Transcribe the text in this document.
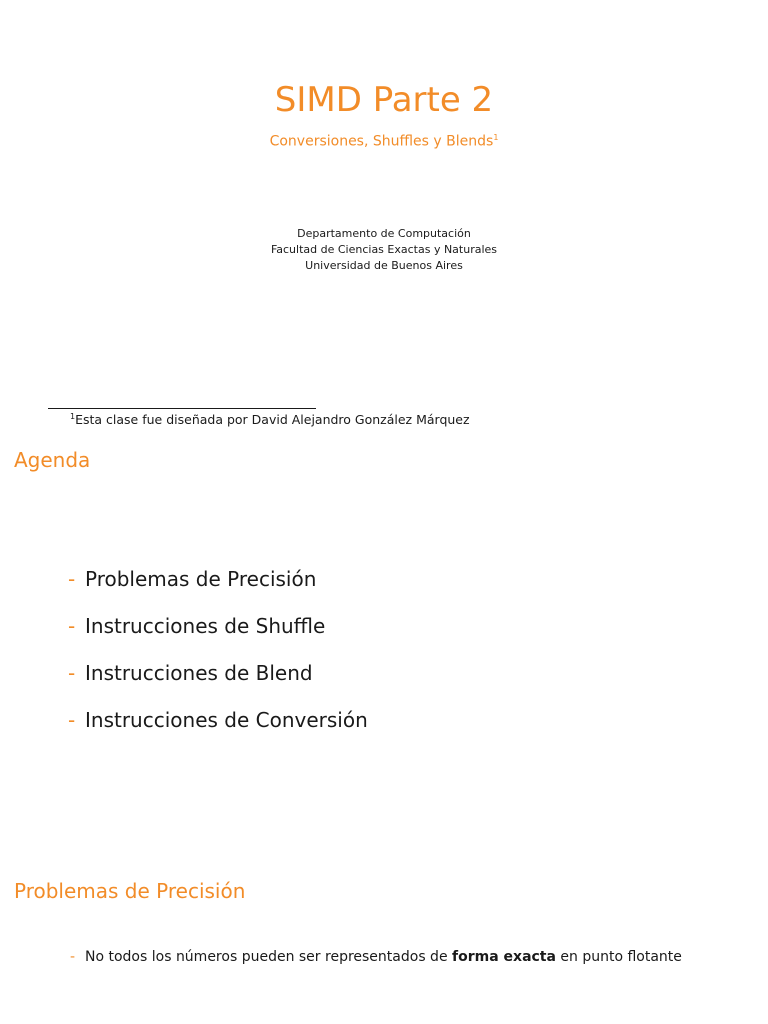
SIMD Parte 2
Conversiones, Shuffles y Blends$^1$
Departamento de Computación
Facultad de Ciencias Exactas y Naturales
Universidad de Buenos Aires
$^1$Esta clase fue diseñada por David Alejandro González Márquez
Agenda
- Problemas de Precisión
- Instrucciones de Shuffle
- Instrucciones de Blend
- Instrucciones de Conversión
Problemas de Precisión
- No todos los números pueden ser representados de forma exacta en punto flotante
